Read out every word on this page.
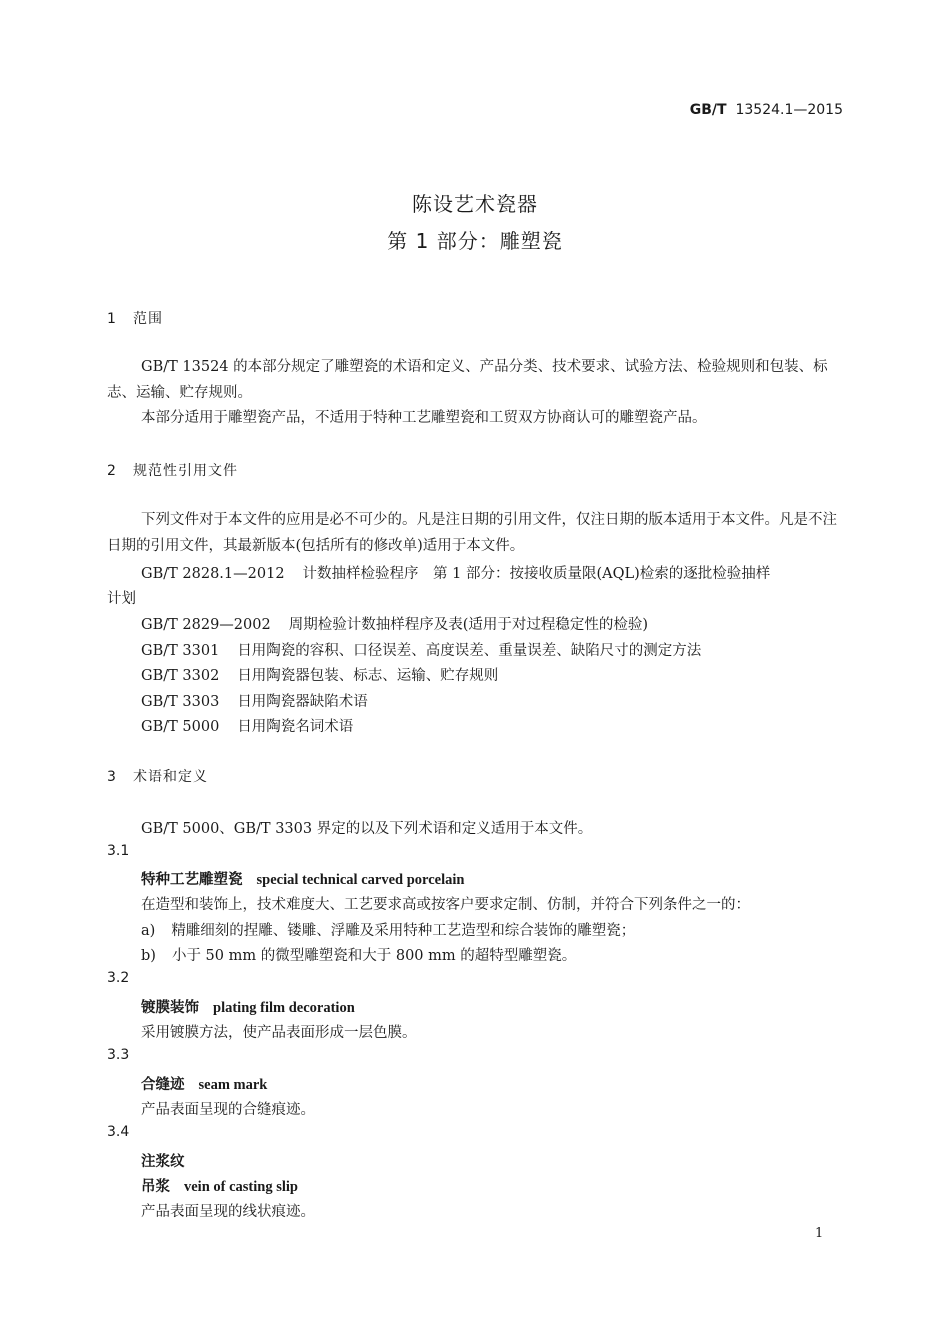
GB/T 13524.1—2015
陈设艺术瓷器
第 1 部分：雕塑瓷
1 范围
GB/T 13524 的本部分规定了雕塑瓷的术语和定义、产品分类、技术要求、试验方法、检验规则和包装、标志、运输、贮存规则。
本部分适用于雕塑瓷产品，不适用于特种工艺雕塑瓷和工贸双方协商认可的雕塑瓷产品。
2 规范性引用文件
下列文件对于本文件的应用是必不可少的。凡是注日期的引用文件，仅注日期的版本适用于本文件。凡是不注日期的引用文件，其最新版本(包括所有的修改单)适用于本文件。
GB/T 2828.1—2012 计数抽样检验程序　第 1 部分：按接收质量限(AQL)检索的逐批检验抽样
计划
GB/T 2829—2002 周期检验计数抽样程序及表(适用于对过程稳定性的检验)
GB/T 3301 日用陶瓷的容积、口径误差、高度误差、重量误差、缺陷尺寸的测定方法
GB/T 3302 日用陶瓷器包装、标志、运输、贮存规则
GB/T 3303 日用陶瓷器缺陷术语
GB/T 5000 日用陶瓷名词术语
3 术语和定义
GB/T 5000、GB/T 3303 界定的以及下列术语和定义适用于本文件。
3.1
特种工艺雕塑瓷 special technical carved porcelain
在造型和装饰上，技术难度大、工艺要求高或按客户要求定制、仿制，并符合下列条件之一的：
a) 精雕细刻的捏雕、镂雕、浮雕及采用特种工艺造型和综合装饰的雕塑瓷；
b) 小于 50 mm 的微型雕塑瓷和大于 800 mm 的超特型雕塑瓷。
3.2
镀膜装饰 plating film decoration
采用镀膜方法，使产品表面形成一层色膜。
3.3
合缝迹 seam mark
产品表面呈现的合缝痕迹。
3.4
注浆纹
吊浆 vein of casting slip
产品表面呈现的线状痕迹。
1
